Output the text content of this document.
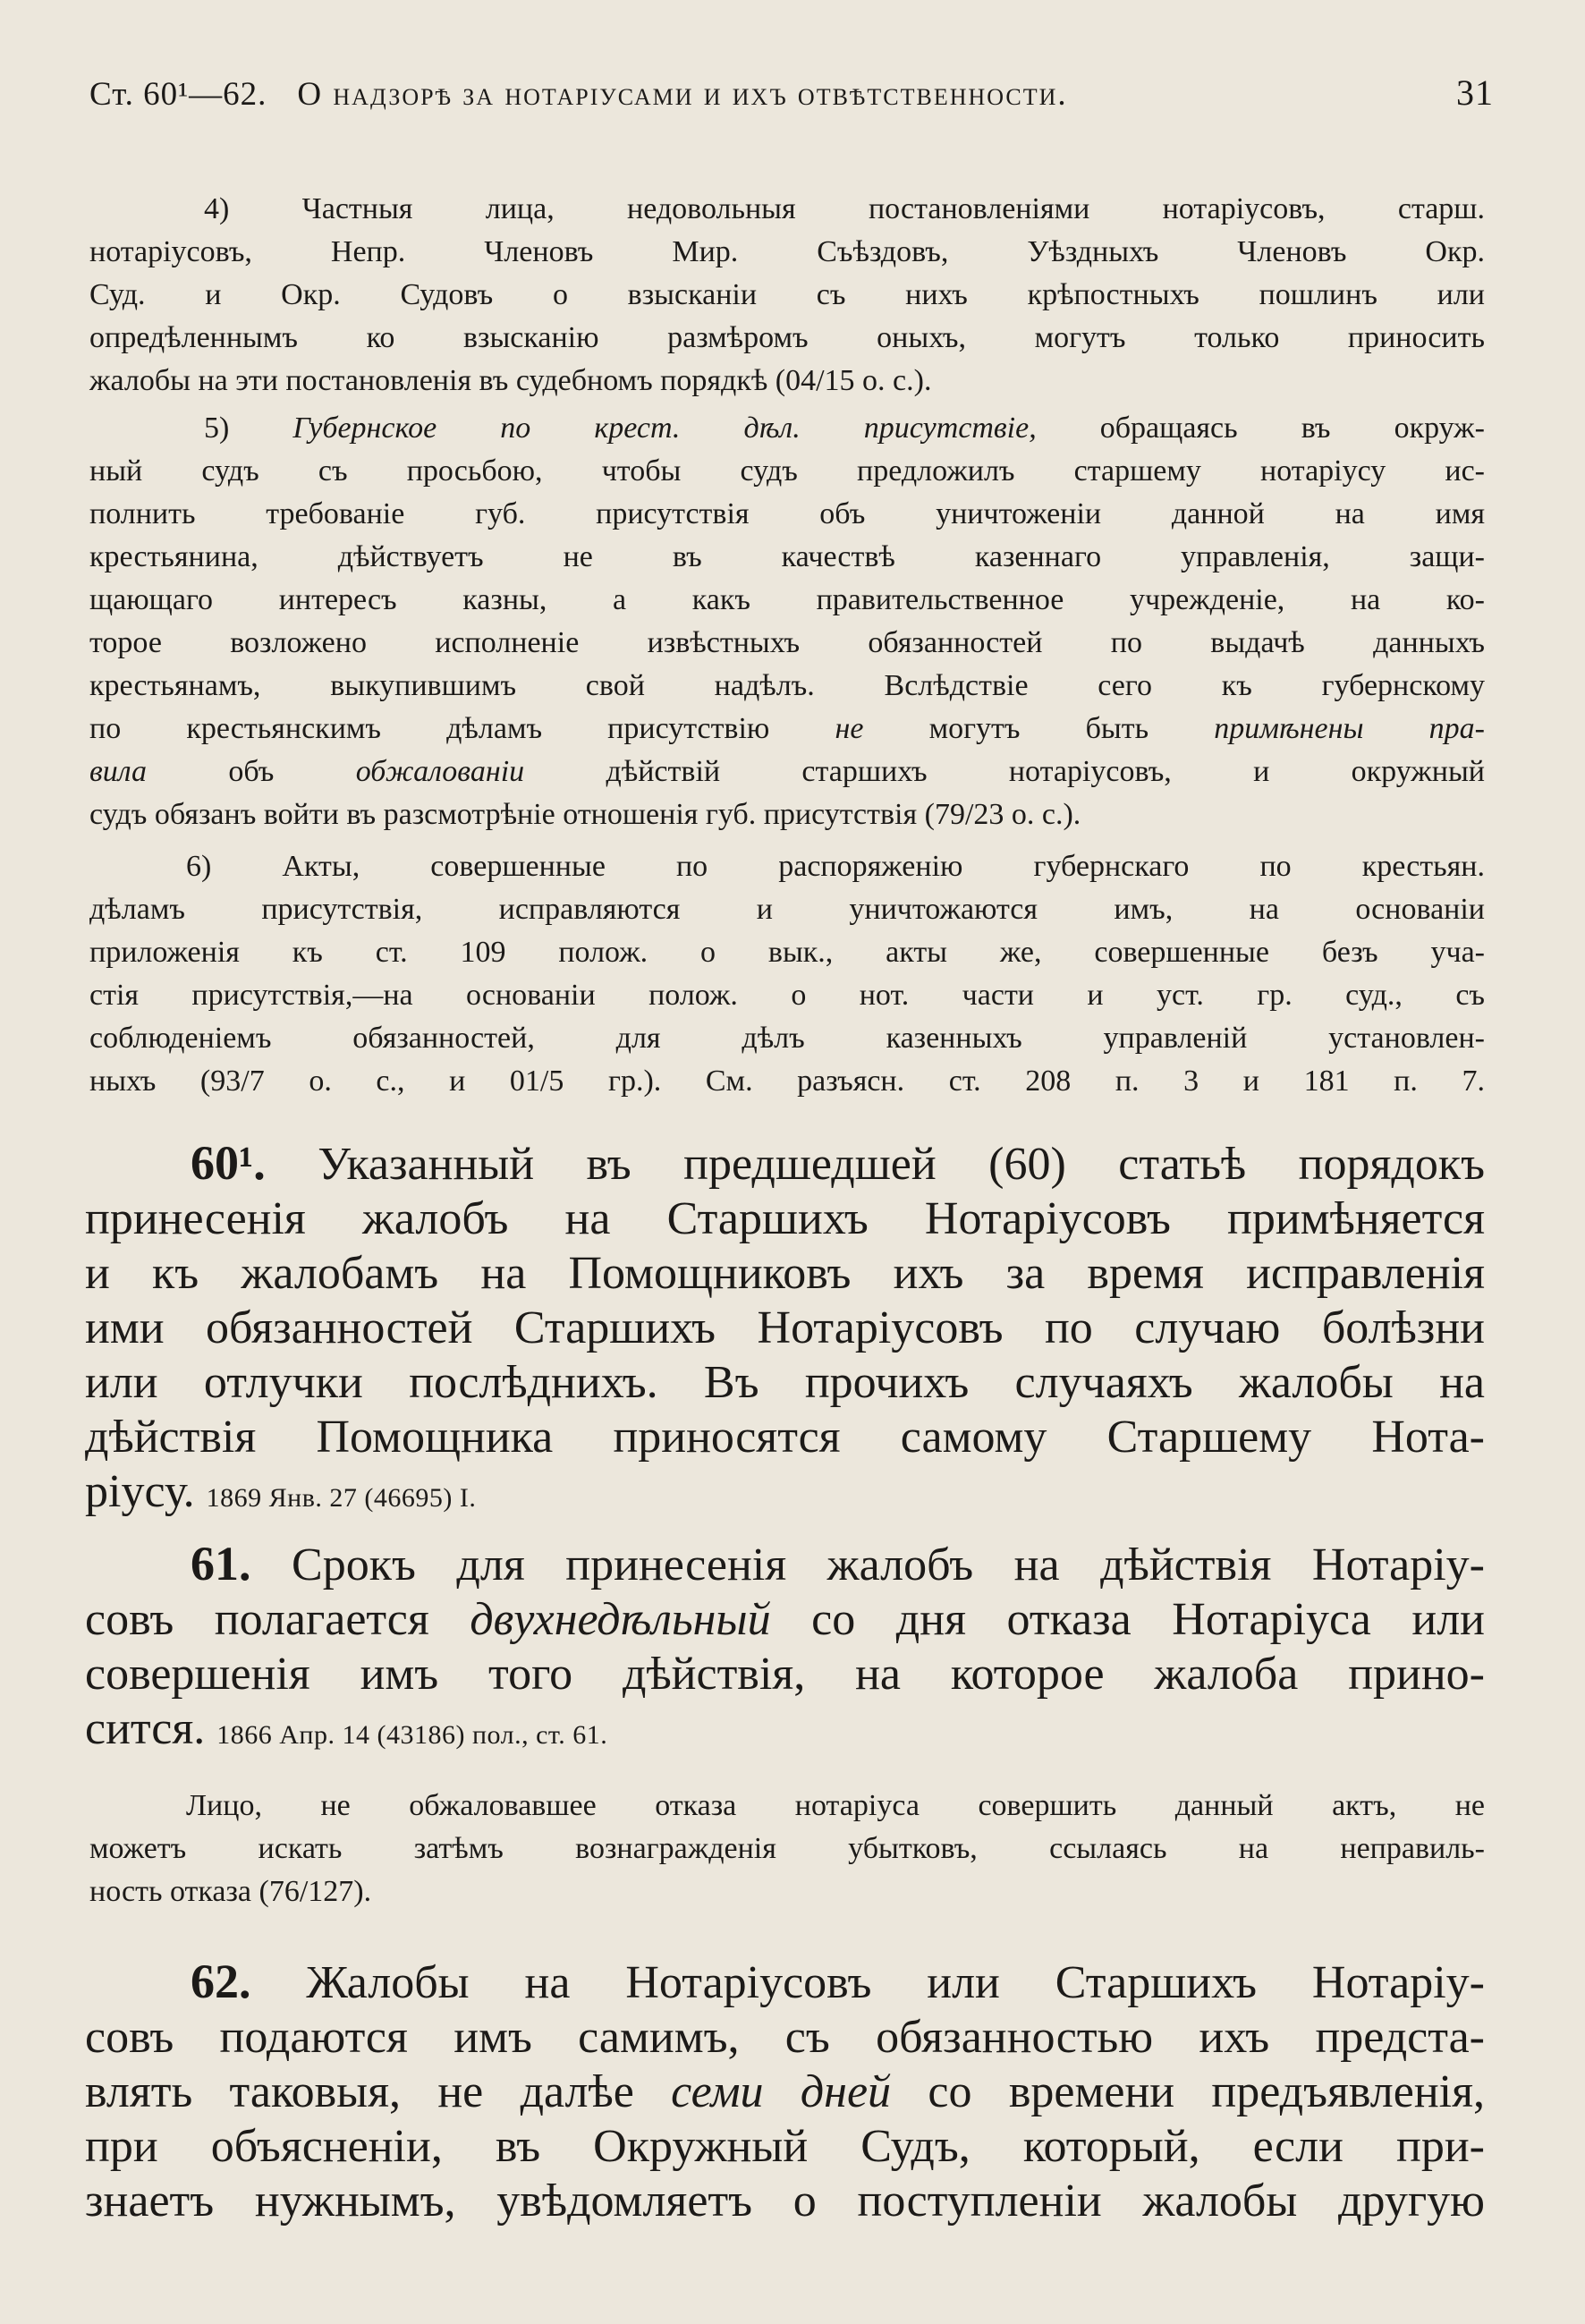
Ст. 60¹—62. О надзорѣ за нотаріусами и ихъ отвѣтственности.	31

4) Частныя лица, недовольныя постановленіями нотаріусовъ, старш.

нотаріусовъ, Непр. Членовъ Мир. Съѣздовъ, Уѣздныхъ Членовъ Окр.

Суд. и Окр. Судовъ о взысканіи съ нихъ крѣпостныхъ пошлинъ или

опредѣленнымъ ко взысканію размѣромъ оныхъ, могутъ только приносить

жалобы на эти постановленія въ судебномъ порядкѣ (04/15 о. с.).

5) Губернское по крест. дѣл. присутствіе, обращаясь въ окруж-

ный судъ съ просьбою, чтобы судъ предложилъ старшему нотаріусу ис-

полнить требованіе губ. присутствія объ уничтоженіи данной на имя

крестьянина, дѣйствуетъ не въ качествѣ казеннаго управленія, защи-

щающаго интересъ казны, а какъ правительственное учрежденіе, на ко-

торое возложено исполненіе извѣстныхъ обязанностей по выдачѣ данныхъ

крестьянамъ, выкупившимъ свой надѣлъ. Вслѣдствіе сего къ губернскому

по крестьянскимъ дѣламъ присутствію не могутъ быть примѣнены пра-

вила объ обжалованіи дѣйствій старшихъ нотаріусовъ, и окружный

судъ обязанъ войти въ разсмотрѣніе отношенія губ. присутствія (79/23 о. с.).

6) Акты, совершенные по распоряженію губернскаго по крестьян.

дѣламъ присутствія, исправляются и уничтожаются имъ, на основаніи

приложенія къ ст. 109 полож. о вык., акты же, совершенные безъ уча-

стія присутствія,—на основаніи полож. о нот. части и уст. гр. суд., съ

соблюденіемъ обязанностей, для дѣлъ казенныхъ управленій установлен-

ныхъ (93/7 о. с., и 01/5 гр.). См. разъясн. ст. 208 п. 3 и 181 п. 7.

60¹. Указанный въ предшедшей (60) статьѣ порядокъ

принесенія жалобъ на Старшихъ Нотаріусовъ примѣняется

и къ жалобамъ на Помощниковъ ихъ за время исправленія

ими обязанностей Старшихъ Нотаріусовъ по случаю болѣзни

или отлучки послѣднихъ. Въ прочихъ случаяхъ жалобы на

дѣйствія Помощника приносятся самому Старшему Нота-

ріусу. 1869 Янв. 27 (46695) I.

61. Срокъ для принесенія жалобъ на дѣйствія Нотаріу-

совъ полагается двухнедѣльный со дня отказа Нотаріуса или

совершенія имъ того дѣйствія, на которое жалоба прино-

сится. 1866 Апр. 14 (43186) пол., ст. 61.

Лицо, не обжаловавшее отказа нотаріуса совершить данный актъ, не

можетъ искать затѣмъ вознагражденія убытковъ, ссылаясь на неправиль-

ность отказа (76/127).

62. Жалобы на Нотаріусовъ или Старшихъ Нотаріу-

совъ подаются имъ самимъ, съ обязанностью ихъ предста-

влять таковыя, не далѣе семи дней со времени предъявленія,

при объясненіи, въ Окружный Судъ, который, если при-

знаетъ нужнымъ, увѣдомляетъ о поступленіи жалобы другую
